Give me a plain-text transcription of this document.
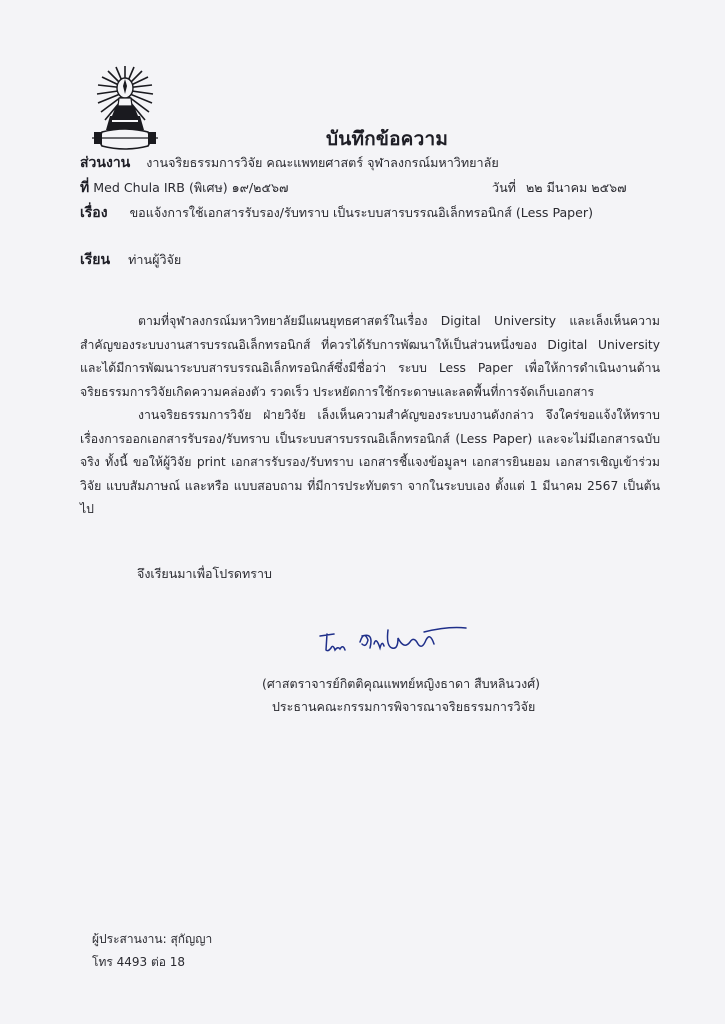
บันทึกข้อความ
ส่วนงาน งานจริยธรรมการวิจัย คณะแพทยศาสตร์ จุฬาลงกรณ์มหาวิทยาลัย
ที่ Med Chula IRB (พิเศษ) ๑๙/๒๕๖๗	วันที่ ๒๒ มีนาคม ๒๕๖๗
เรื่อง ขอแจ้งการใช้เอกสารรับรอง/รับทราบ เป็นระบบสารบรรณอิเล็กทรอนิกส์ (Less Paper)
เรียน ท่านผู้วิจัย

ตามที่จุฬาลงกรณ์มหาวิทยาลัยมีแผนยุทธศาสตร์ในเรื่อง Digital University และเล็งเห็นความสำคัญของระบบงานสารบรรณอิเล็กทรอนิกส์ ที่ควรได้รับการพัฒนาให้เป็นส่วนหนึ่งของ Digital University และได้มีการพัฒนาระบบสารบรรณอิเล็กทรอนิกส์ซึ่งมีชื่อว่า ระบบ Less Paper เพื่อให้การดำเนินงานด้านจริยธรรมการวิจัยเกิดความคล่องตัว รวดเร็ว ประหยัดการใช้กระดาษและลดพื้นที่การจัดเก็บเอกสาร

งานจริยธรรมการวิจัย ฝ่ายวิจัย เล็งเห็นความสำคัญของระบบงานดังกล่าว จึงใคร่ขอแจ้งให้ทราบเรื่องการออกเอกสารรับรอง/รับทราบ เป็นระบบสารบรรณอิเล็กทรอนิกส์ (Less Paper) และจะไม่มีเอกสารฉบับจริง ทั้งนี้ ขอให้ผู้วิจัย print เอกสารรับรอง/รับทราบ เอกสารชี้แจงข้อมูลฯ เอกสารยินยอม เอกสารเชิญเข้าร่วมวิจัย แบบสัมภาษณ์ และหรือ แบบสอบถาม ที่มีการประทับตรา จากในระบบเอง ตั้งแต่ 1 มีนาคม 2567 เป็นต้นไป

จึงเรียนมาเพื่อโปรดทราบ
(ศาสตราจารย์กิตติคุณแพทย์หญิงธาดา สืบหลินวงศ์)
ประธานคณะกรรมการพิจารณาจริยธรรมการวิจัย
ผู้ประสานงาน: สุกัญญา
โทร 4493 ต่อ 18
